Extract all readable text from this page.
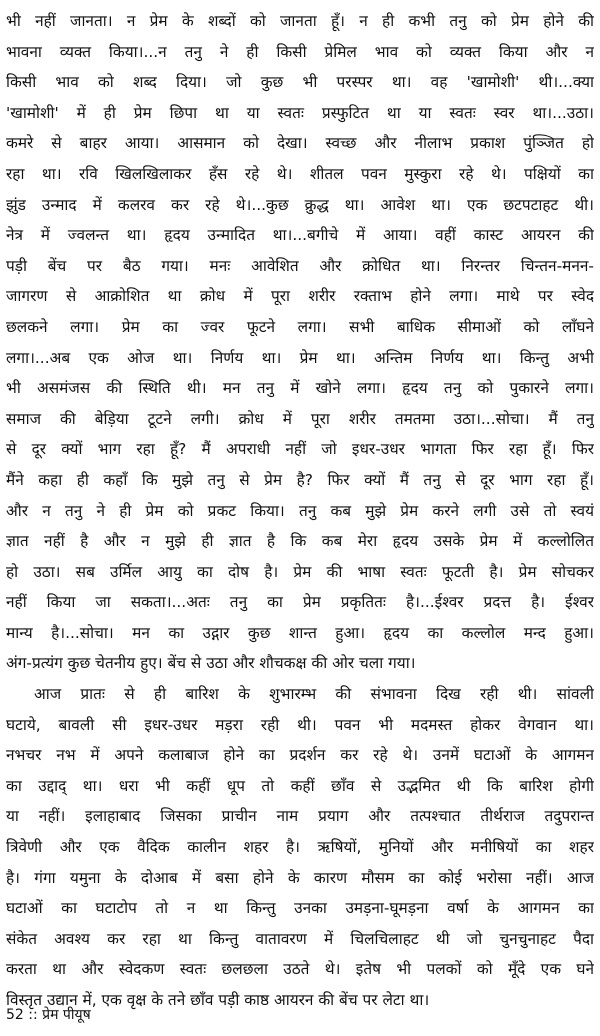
भी नहीं जानता। न प्रेम के शब्दों को जानता हूँ। न ही कभी तनु को प्रेम होने की
भावना व्यक्त किया।...न तनु ने ही किसी प्रेमिल भाव को व्यक्त किया और न
किसी भाव को शब्द दिया। जो कुछ भी परस्पर था। वह 'खामोशी' थी।...क्या
'खामोशी' में ही प्रेम छिपा था या स्वतः प्रस्फुटित था या स्वतः स्वर था।...उठा।
कमरे से बाहर आया। आसमान को देखा। स्वच्छ और नीलाभ प्रकाश पुंञ्जित हो
रहा था। रवि खिलखिलाकर हँस रहे थे। शीतल पवन मुस्कुरा रहे थे। पक्षियों का
झुंड उन्माद में कलरव कर रहे थे।...कुछ क्रुद्ध था। आवेश था। एक छटपटाहट थी।
नेत्र में ज्वलन्त था। हृदय उन्मादित था।...बगीचे में आया। वहीं कास्ट आयरन की
पड़ी बेंच पर बैठ गया। मनः आवेशित और क्रोधित था। निरन्तर चिन्तन-मनन-
जागरण से आक्रोशित था क्रोध में पूरा शरीर रक्ताभ होने लगा। माथे पर स्वेद
छलकने लगा। प्रेम का ज्वर फूटने लगा। सभी बाधिक सीमाओं को लाँघने
लगा।...अब एक ओज था। निर्णय था। प्रेम था। अन्तिम निर्णय था। किन्तु अभी
भी असमंजस की स्थिति थी। मन तनु में खोने लगा। हृदय तनु को पुकारने लगा।
समाज की बेड़िया टूटने लगी। क्रोध में पूरा शरीर तमतमा उठा।...सोचा। मैं तनु
से दूर क्यों भाग रहा हूँ? मैं अपराधी नहीं जो इधर-उधर भागता फिर रहा हूँ। फिर
मैंने कहा ही कहाँ कि मुझे तनु से प्रेम है? फिर क्यों मैं तनु से दूर भाग रहा हूँ।
और न तनु ने ही प्रेम को प्रकट किया। तनु कब मुझे प्रेम करने लगी उसे तो स्वयं
ज्ञात नहीं है और न मुझे ही ज्ञात है कि कब मेरा हृदय उसके प्रेम में कल्लोलित
हो उठा। सब उर्मिल आयु का दोष है। प्रेम की भाषा स्वतः फूटती है। प्रेम सोचकर
नहीं किया जा सकता।...अतः तनु का प्रेम प्रकृतितः है।...ईश्वर प्रदत्त है। ईश्वर
मान्य है।...सोचा। मन का उद्गार कुछ शान्त हुआ। हृदय का कल्लोल मन्द हुआ।
अंग-प्रत्यंग कुछ चेतनीय हुए। बेंच से उठा और शौचकक्ष की ओर चला गया।
आज प्रातः से ही बारिश के शुभारम्भ की संभावना दिख रही थी। सांवली
घटाये, बावली सी इधर-उधर मड़रा रही थी। पवन भी मदमस्त होकर वेगवान था।
नभचर नभ में अपने कलाबाज होने का प्रदर्शन कर रहे थे। उनमें घटाओं के आगमन
का उद्दाद् था। धरा भी कहीं धूप तो कहीं छाँव से उद्भमित थी कि बारिश होगी
या नहीं। इलाहाबाद जिसका प्राचीन नाम प्रयाग और तत्पश्चात तीर्थराज तदुपरान्त
त्रिवेणी और एक वैदिक कालीन शहर है। ऋषियों, मुनियों और मनीषियों का शहर
है। गंगा यमुना के दोआब में बसा होने के कारण मौसम का कोई भरोसा नहीं। आज
घटाओं का घटाटोप तो न था किन्तु उनका उमड़ना-घूमड़ना वर्षा के आगमन का
संकेत अवश्य कर रहा था किन्तु वातावरण में चिलचिलाहट थी जो चुनचुनाहट पैदा
करता था और स्वेदकण स्वतः छलछला उठते थे। इतेष भी पलकों को मूँदे एक घने
विस्तृत उद्यान में, एक वृक्ष के तने छाँव पड़ी काष्ठ आयरन की बेंच पर लेटा था।
52 :: प्रेम पीयूष
